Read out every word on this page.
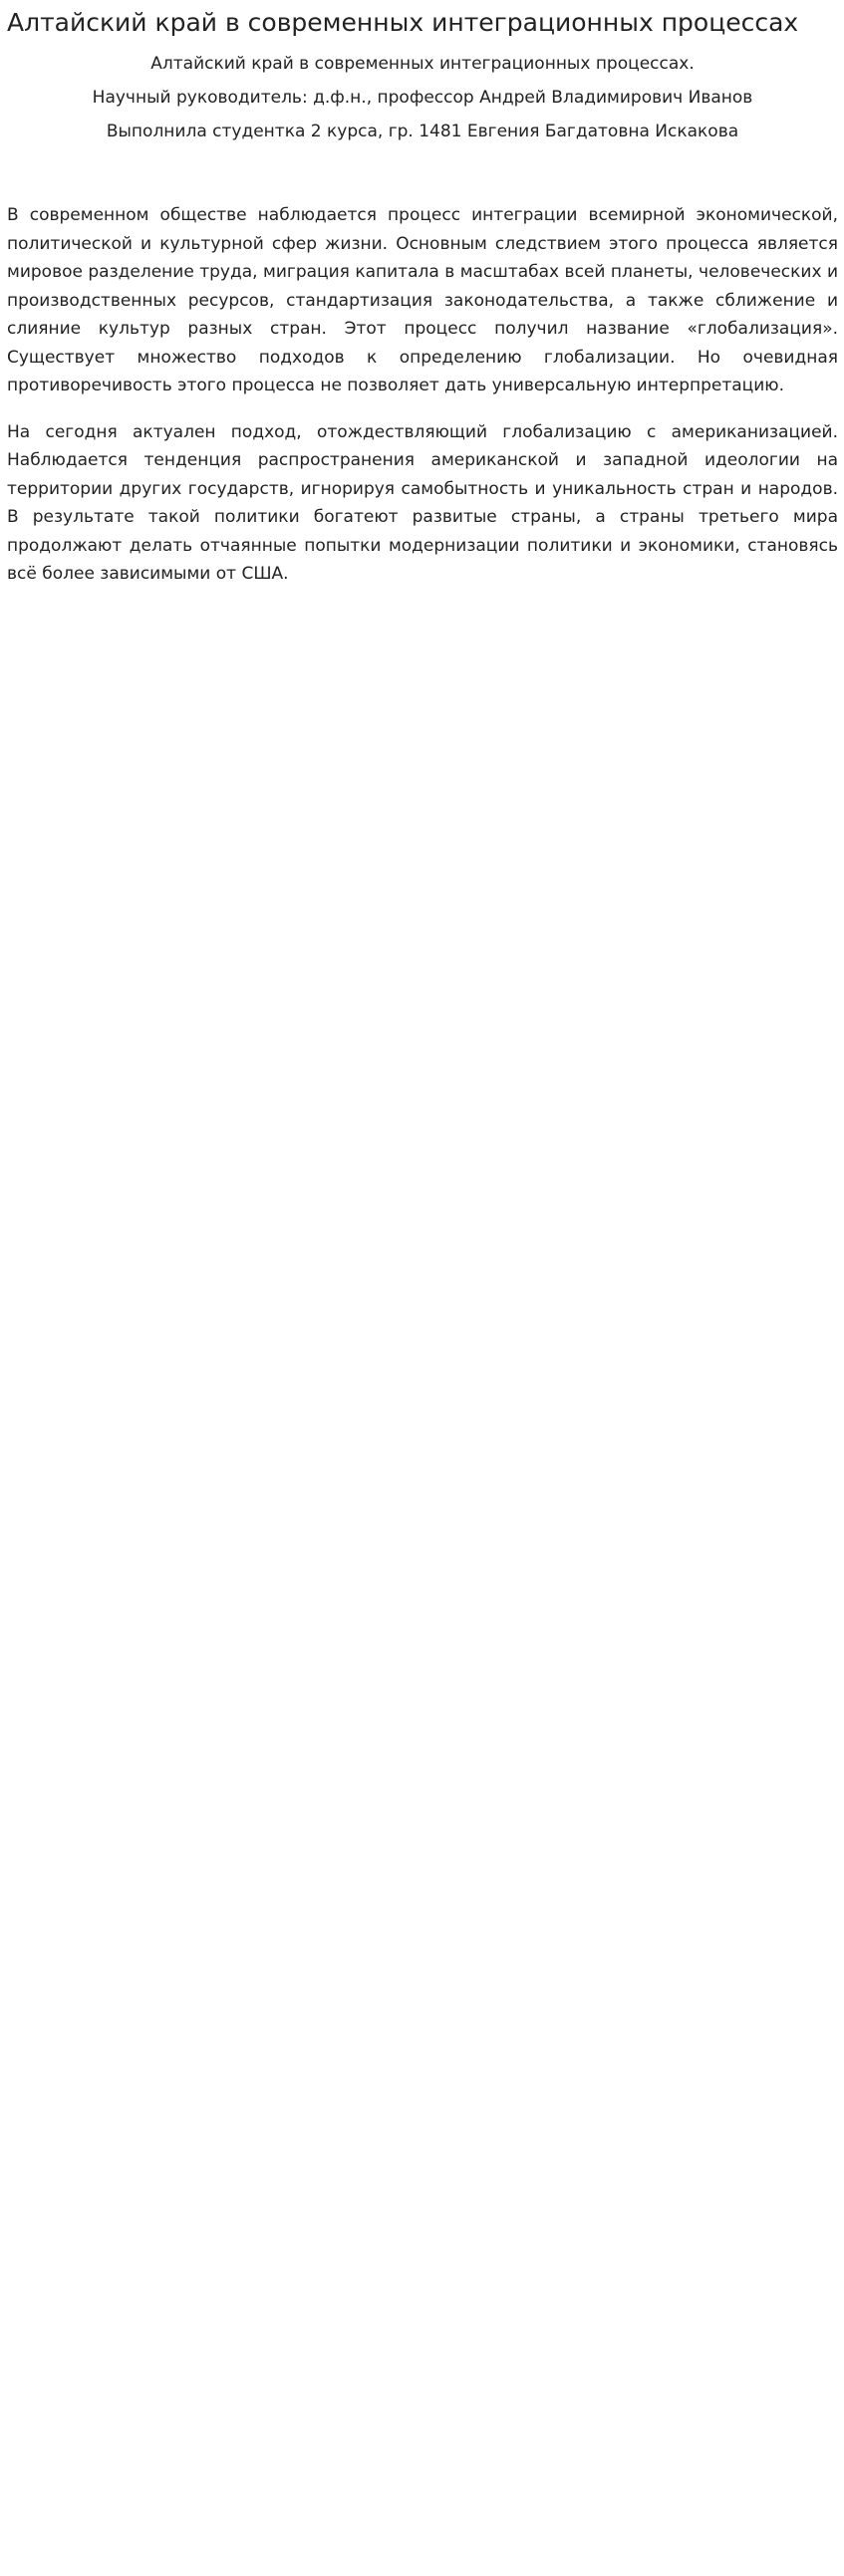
Алтайский край в современных интеграционных процессах
Алтайский край в современных интеграционных процессах.
Научный руководитель: д.ф.н., профессор Андрей Владимирович Иванов
Выполнила студентка 2 курса, гр. 1481 Евгения Багдатовна Искакова

В современном обществе наблюдается процесс интеграции всемирной экономической, политической и культурной сфер жизни. Основным следствием этого процесса является мировое разделение труда, миграция капитала в масштабах всей планеты, человеческих и производственных ресурсов, стандартизация законодательства, а также сближение и слияние культур разных стран. Этот процесс получил название «глобализация». Существует множество подходов к определению глобализации. Но очевидная противоречивость этого процесса не позволяет дать универсальную интерпретацию.

На сегодня актуален подход, отождествляющий глобализацию с американизацией. Наблюдается тенденция распространения американской и западной идеологии на территории других государств, игнорируя самобытность и уникальность стран и народов. В результате такой политики богатеют развитые страны, а страны третьего мира продолжают делать отчаянные попытки модернизации политики и экономики, становясь всё более зависимыми от США.
